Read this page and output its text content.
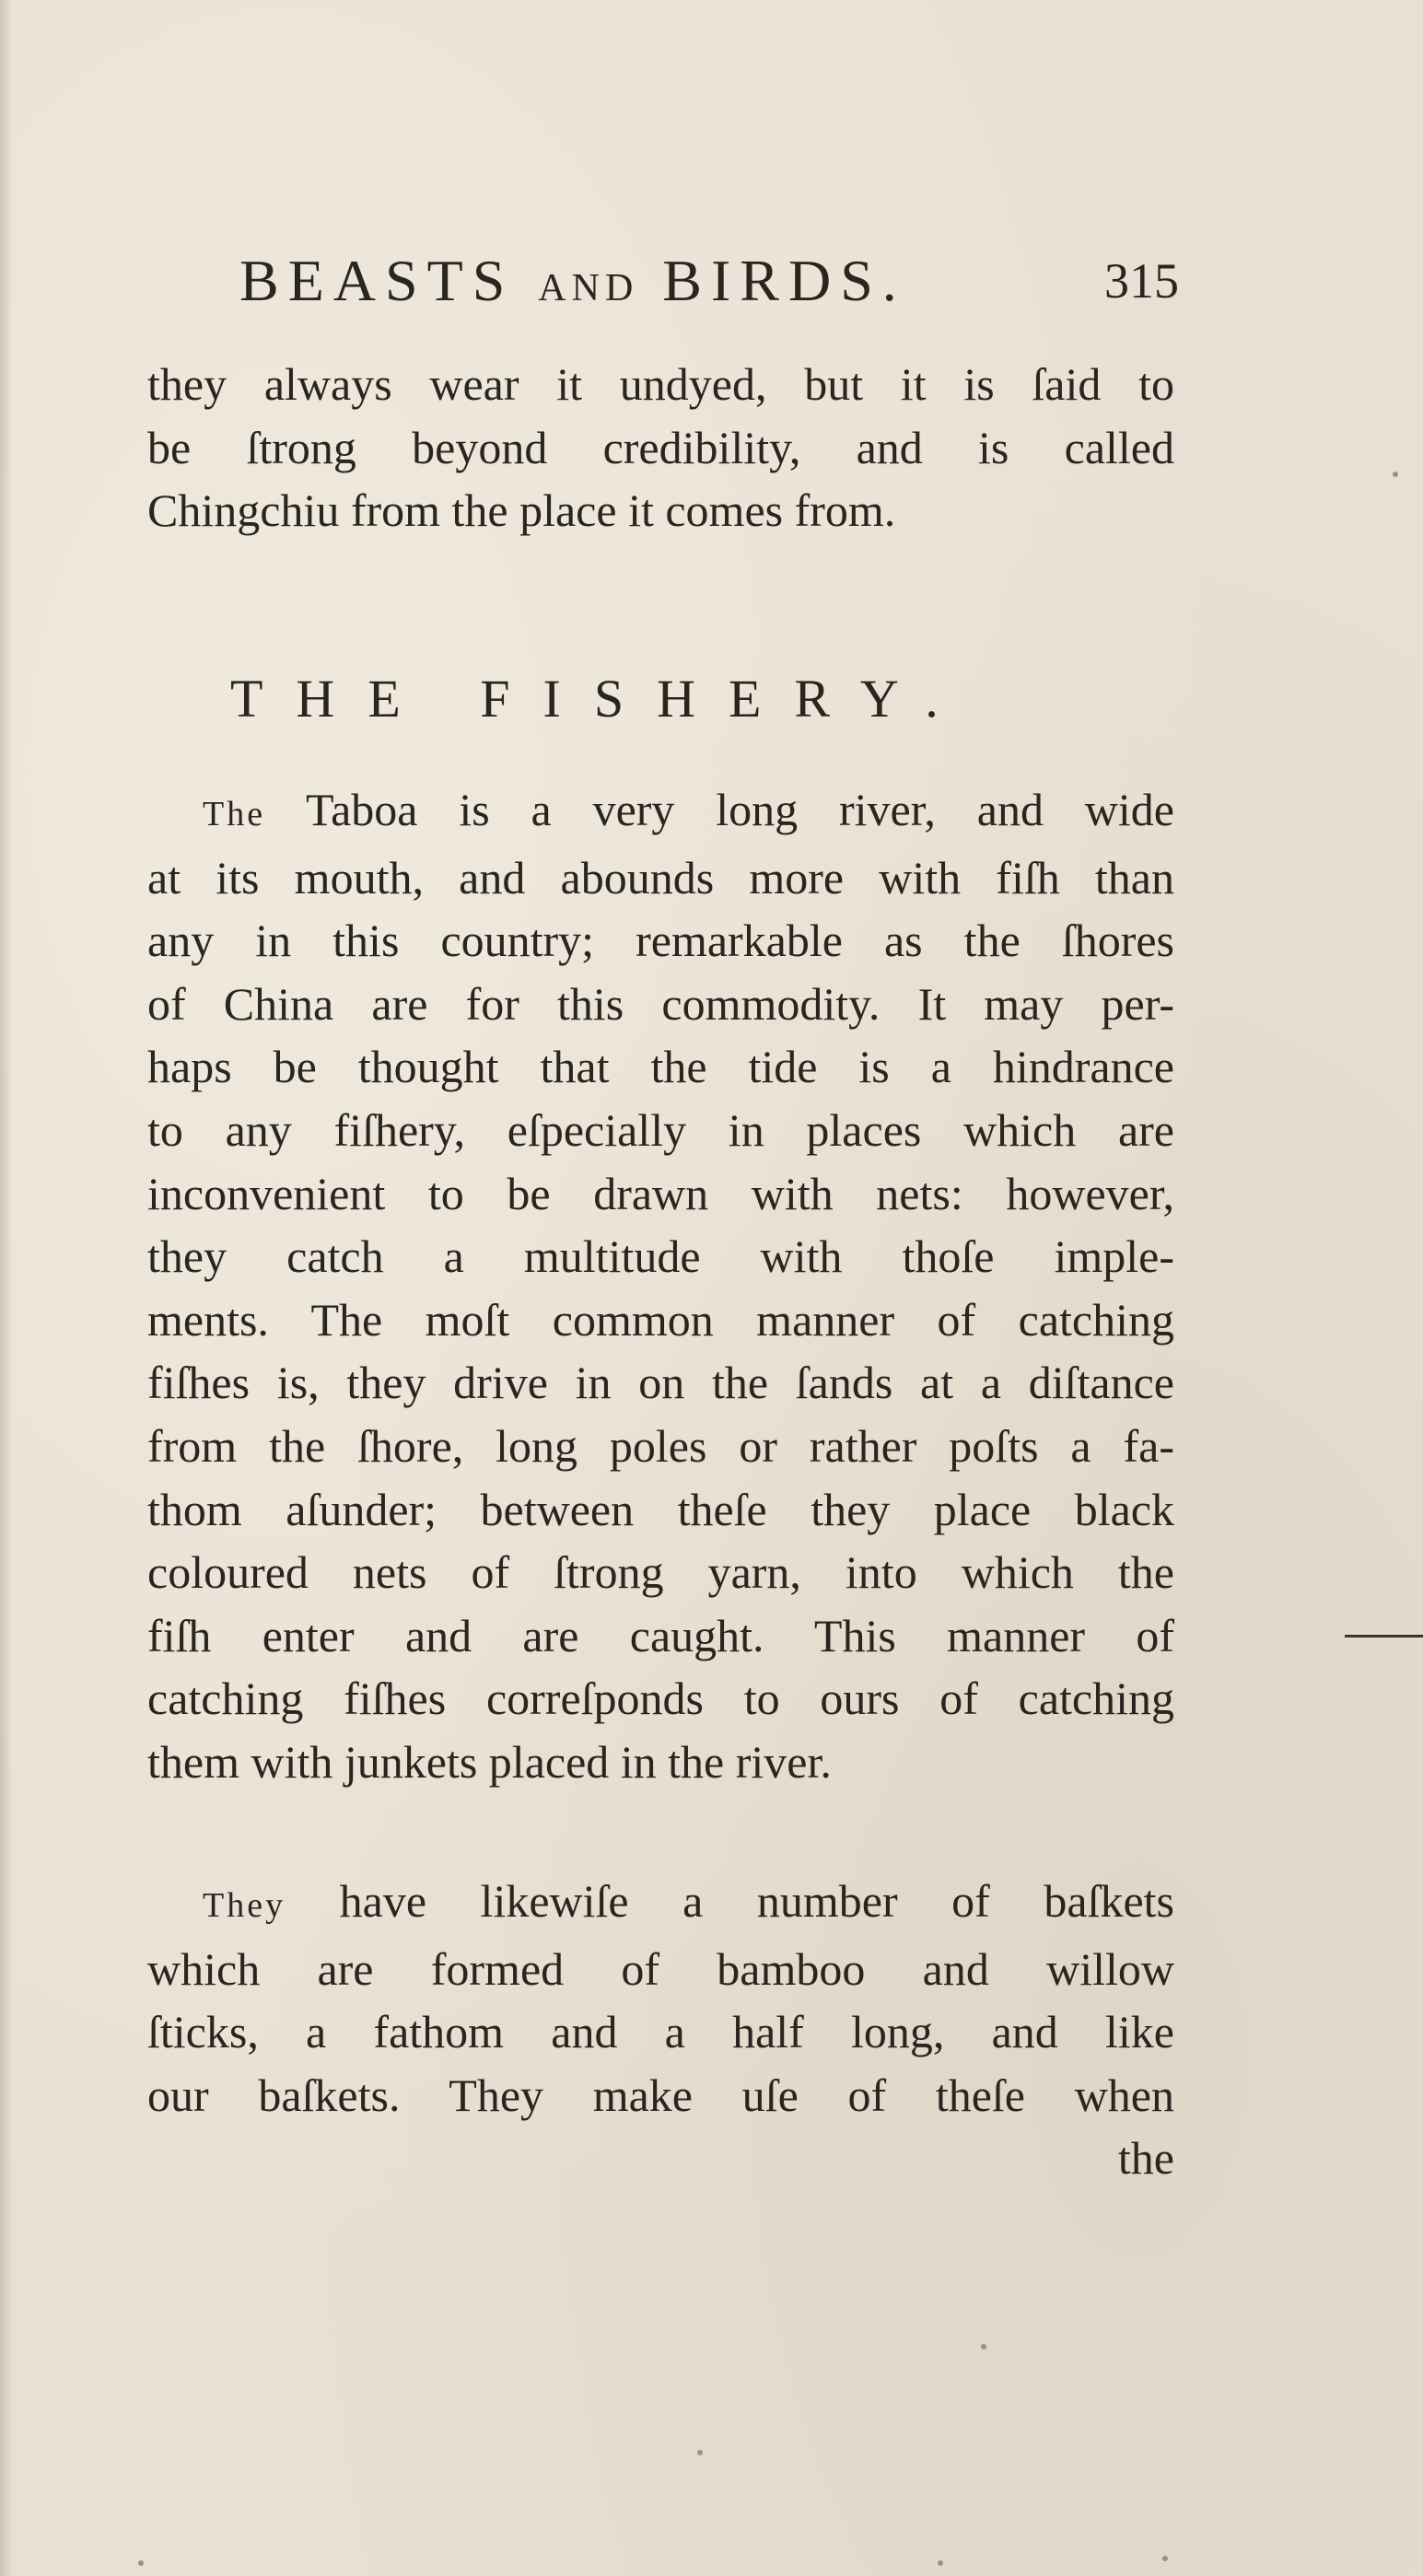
BEASTS AND BIRDS.	315
they always wear it undyed, but it is ſaid to
be ſtrong beyond credibility, and is called
Chingchiu from the place it comes from.
THE FISHERY.
The Taboa is a very long river, and wide
at its mouth, and abounds more with fiſh than
any in this country; remarkable as the ſhores
of China are for this commodity. It may per-
haps be thought that the tide is a hindrance
to any fiſhery, eſpecially in places which are
inconvenient to be drawn with nets: however,
they catch a multitude with thoſe imple-
ments. The moſt common manner of catching
fiſhes is, they drive in on the ſands at a diſtance
from the ſhore, long poles or rather poſts a fa-
thom aſunder; between theſe they place black
coloured nets of ſtrong yarn, into which the
fiſh enter and are caught. This manner of
catching fiſhes correſponds to ours of catching
them with junkets placed in the river.
They have likewiſe a number of baſkets
which are formed of bamboo and willow
ſticks, a fathom and a half long, and like
our baſkets. They make uſe of theſe when
the
